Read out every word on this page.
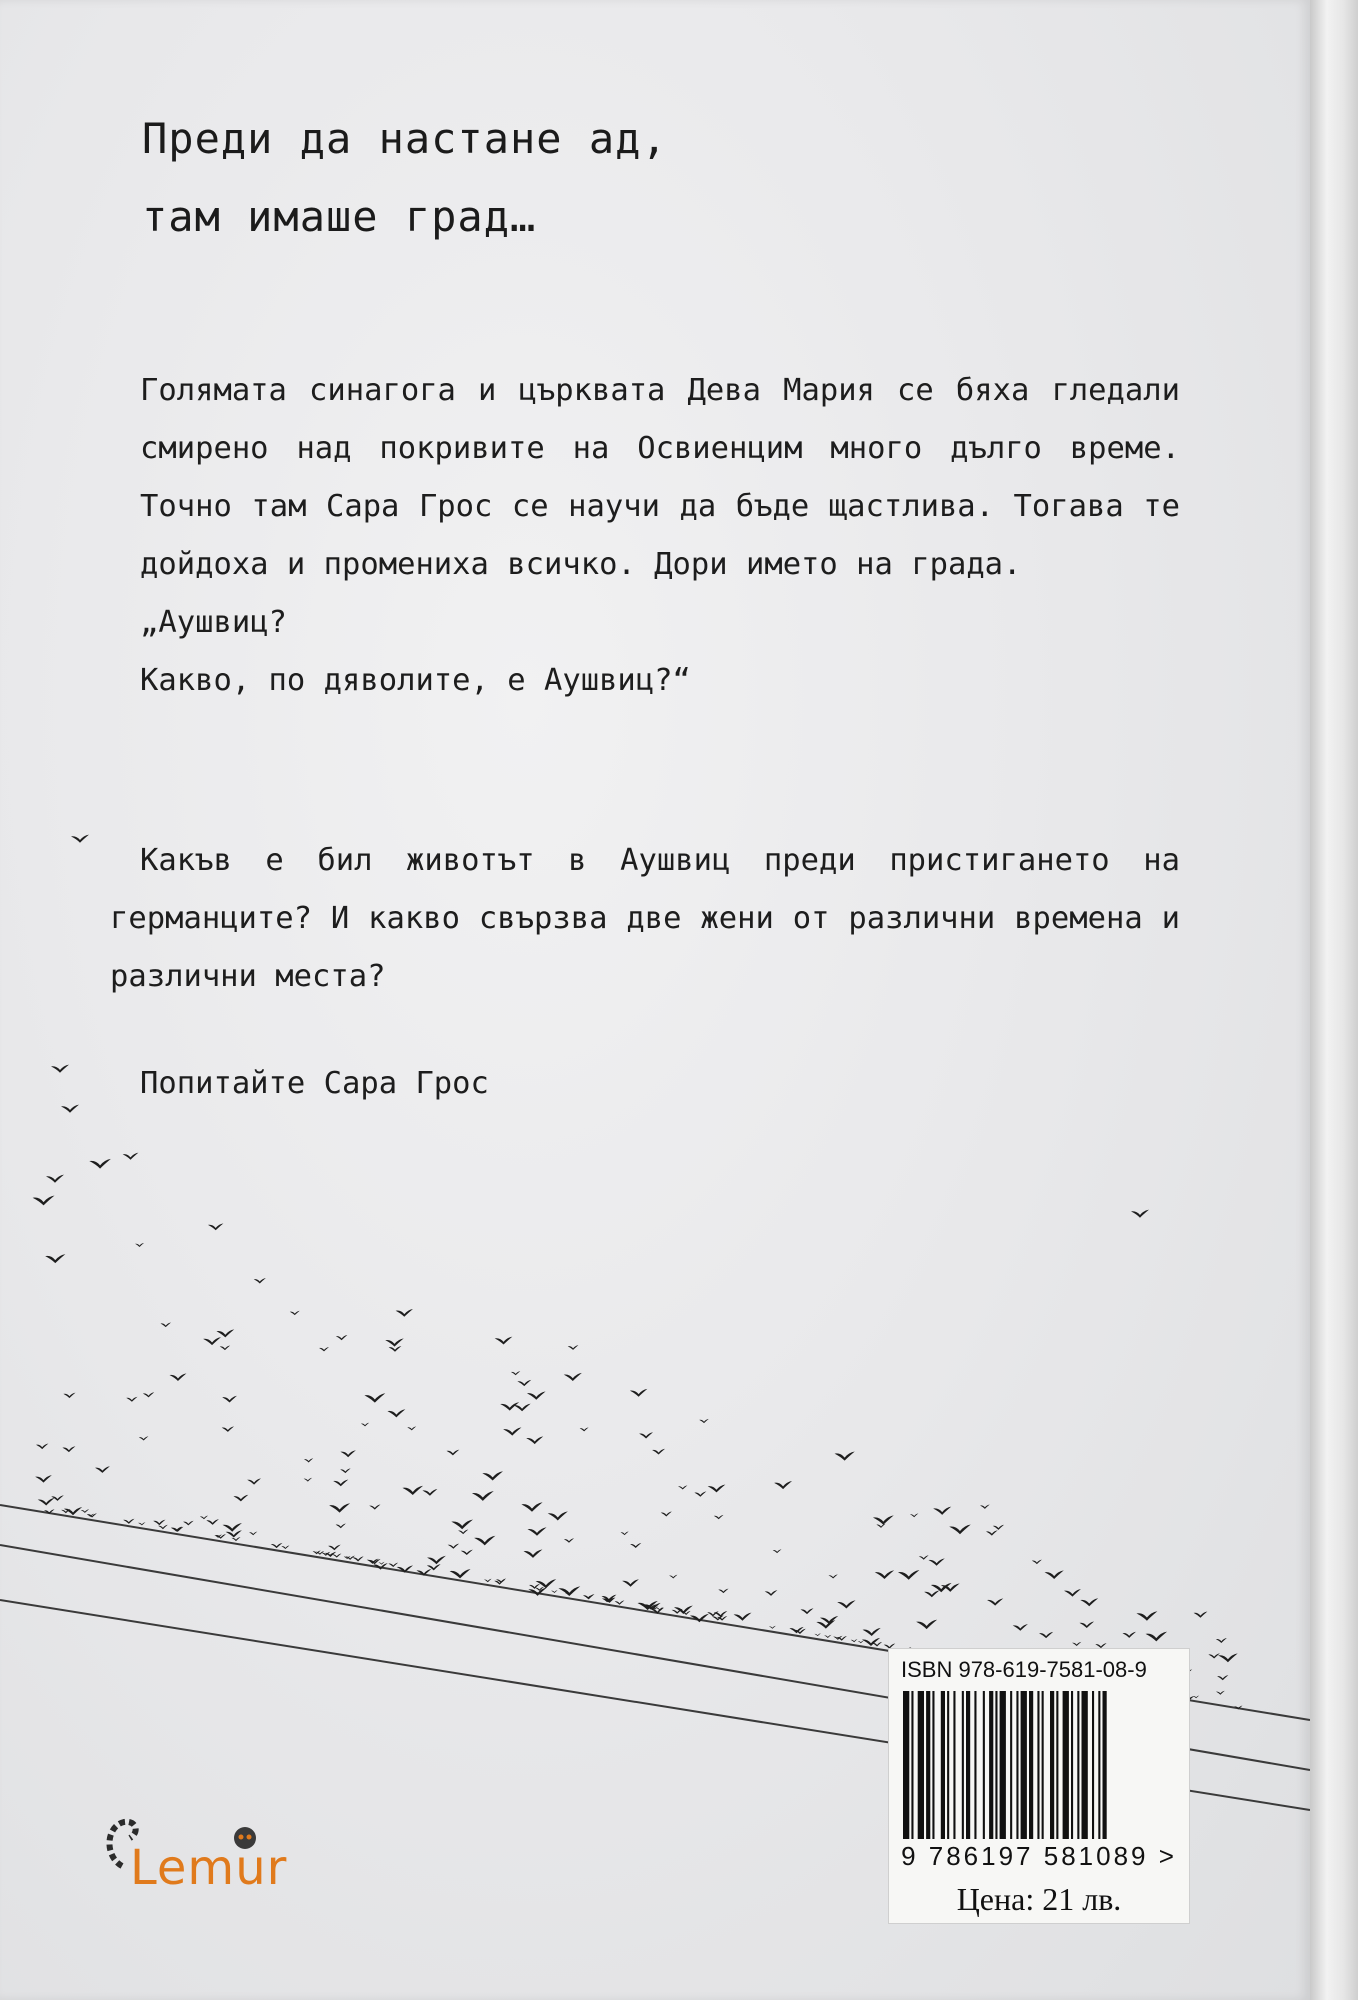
Преди да настане ад,
там имаше град…

Голямата синагога и църквата Дева Мария се бяха гледали смирено над покривите на Освиенцим много дълго време. Точно там Сара Грос се научи да бъде щастлива. Тогава те дойдоха и промениха всичко. Дори името на града.

„Аушвиц?

Какво, по дяволите, е Аушвиц?“

Какъв е бил животът в Аушвиц преди пристигането на германците? И какво свързва две жени от различни времена и различни места?

Попитайте Сара Грос

ISBN 978-619-7581-08-9
9 786197 581089 >
Цена: 21 лв.
Lemur
